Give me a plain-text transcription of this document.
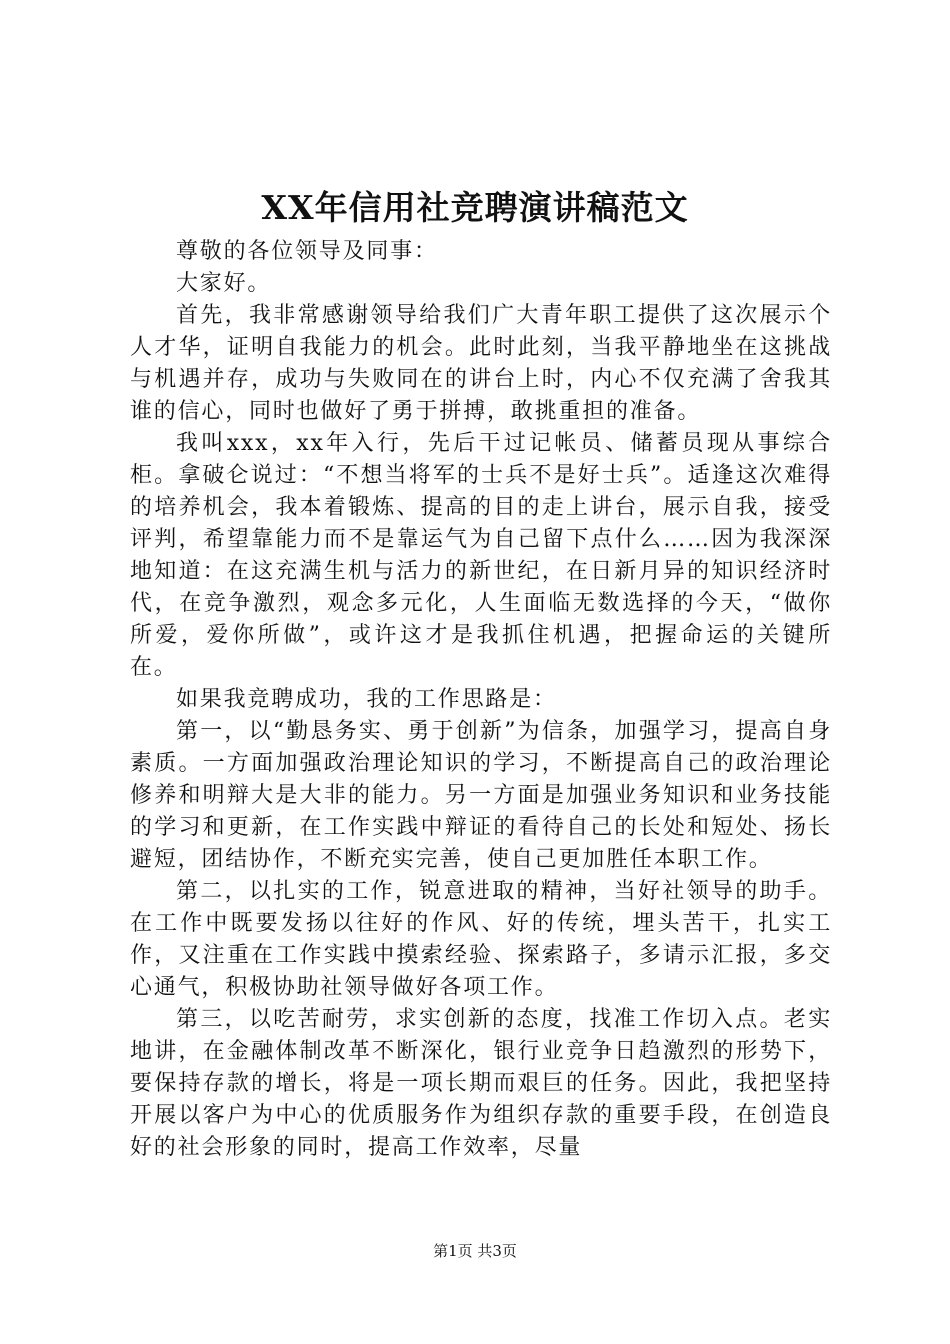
XX年信用社竞聘演讲稿范文

尊敬的各位领导及同事：

大家好。

首先，我非常感谢领导给我们广大青年职工提供了这次展示个人才华，证明自我能力的机会。此时此刻，当我平静地坐在这挑战与机遇并存，成功与失败同在的讲台上时，内心不仅充满了舍我其谁的信心，同时也做好了勇于拼搏，敢挑重担的准备。

我叫xxx，xx年入行，先后干过记帐员、储蓄员现从事综合柜。拿破仑说过：“不想当将军的士兵不是好士兵”。适逢这次难得的培养机会，我本着锻炼、提高的目的走上讲台，展示自我，接受评判，希望靠能力而不是靠运气为自己留下点什么……因为我深深地知道：在这充满生机与活力的新世纪，在日新月异的知识经济时代，在竞争激烈，观念多元化，人生面临无数选择的今天，“做你所爱，爱你所做”，或许这才是我抓住机遇，把握命运的关键所在。

如果我竞聘成功，我的工作思路是：

第一，以“勤恳务实、勇于创新”为信条，加强学习，提高自身素质。一方面加强政治理论知识的学习，不断提高自己的政治理论修养和明辩大是大非的能力。另一方面是加强业务知识和业务技能的学习和更新，在工作实践中辩证的看待自己的长处和短处、扬长避短，团结协作，不断充实完善，使自己更加胜任本职工作。

第二，以扎实的工作，锐意进取的精神，当好社领导的助手。在工作中既要发扬以往好的作风、好的传统，埋头苦干，扎实工作，又注重在工作实践中摸索经验、探索路子，多请示汇报，多交心通气，积极协助社领导做好各项工作。

第三，以吃苦耐劳，求实创新的态度，找准工作切入点。老实地讲，在金融体制改革不断深化，银行业竞争日趋激烈的形势下，要保持存款的增长，将是一项长期而艰巨的任务。因此，我把坚持开展以客户为中心的优质服务作为组织存款的重要手段，在创造良好的社会形象的同时，提高工作效率，尽量

第1页 共3页
